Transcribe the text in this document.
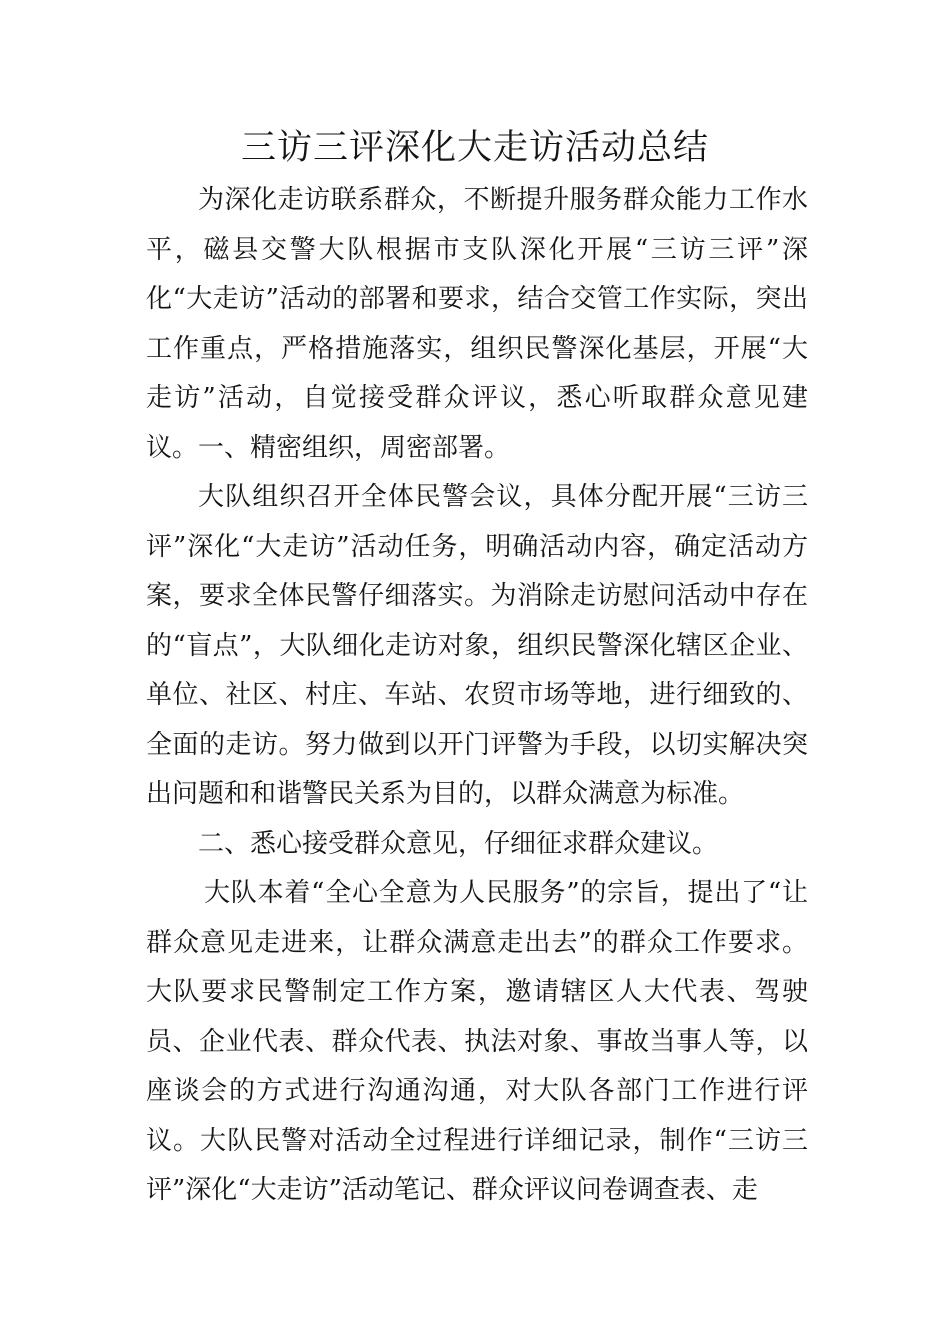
三访三评深化大走访活动总结

为深化走访联系群众，不断提升服务群众能力工作水平，磁县交警大队根据市支队深化开展“三访三评”深化“大走访”活动的部署和要求，结合交管工作实际，突出工作重点，严格措施落实，组织民警深化基层，开展“大走访”活动，自觉接受群众评议，悉心听取群众意见建议。 一、精密组织，周密部署。

大队组织召开全体民警会议，具体分配开展“三访三评”深化“大走访”活动任务，明确活动内容，确定活动方案，要求全体民警仔细落实。为消除走访慰问活动中存在的“盲点”，大队细化走访对象，组织民警深化辖区企业、单位、社区、村庄、车站、农贸市场等地，进行细致的、全面的走访。努力做到以开门评警为手段，以切实解决突出问题和和谐警民关系为目的，以群众满意为标准。

二、悉心接受群众意见，仔细征求群众建议。

大队本着“全心全意为人民服务”的宗旨，提出了“让群众意见走进来，让群众满意走出去”的群众工作要求。大队要求民警制定工作方案，邀请辖区人大代表、驾驶员、企业代表、群众代表、执法对象、事故当事人等，以座谈会的方式进行沟通沟通，对大队各部门工作进行评议。大队民警对活动全过程进行详细记录，制作“三访三评”深化“大走访”活动笔记、群众评议问卷调查表、走
